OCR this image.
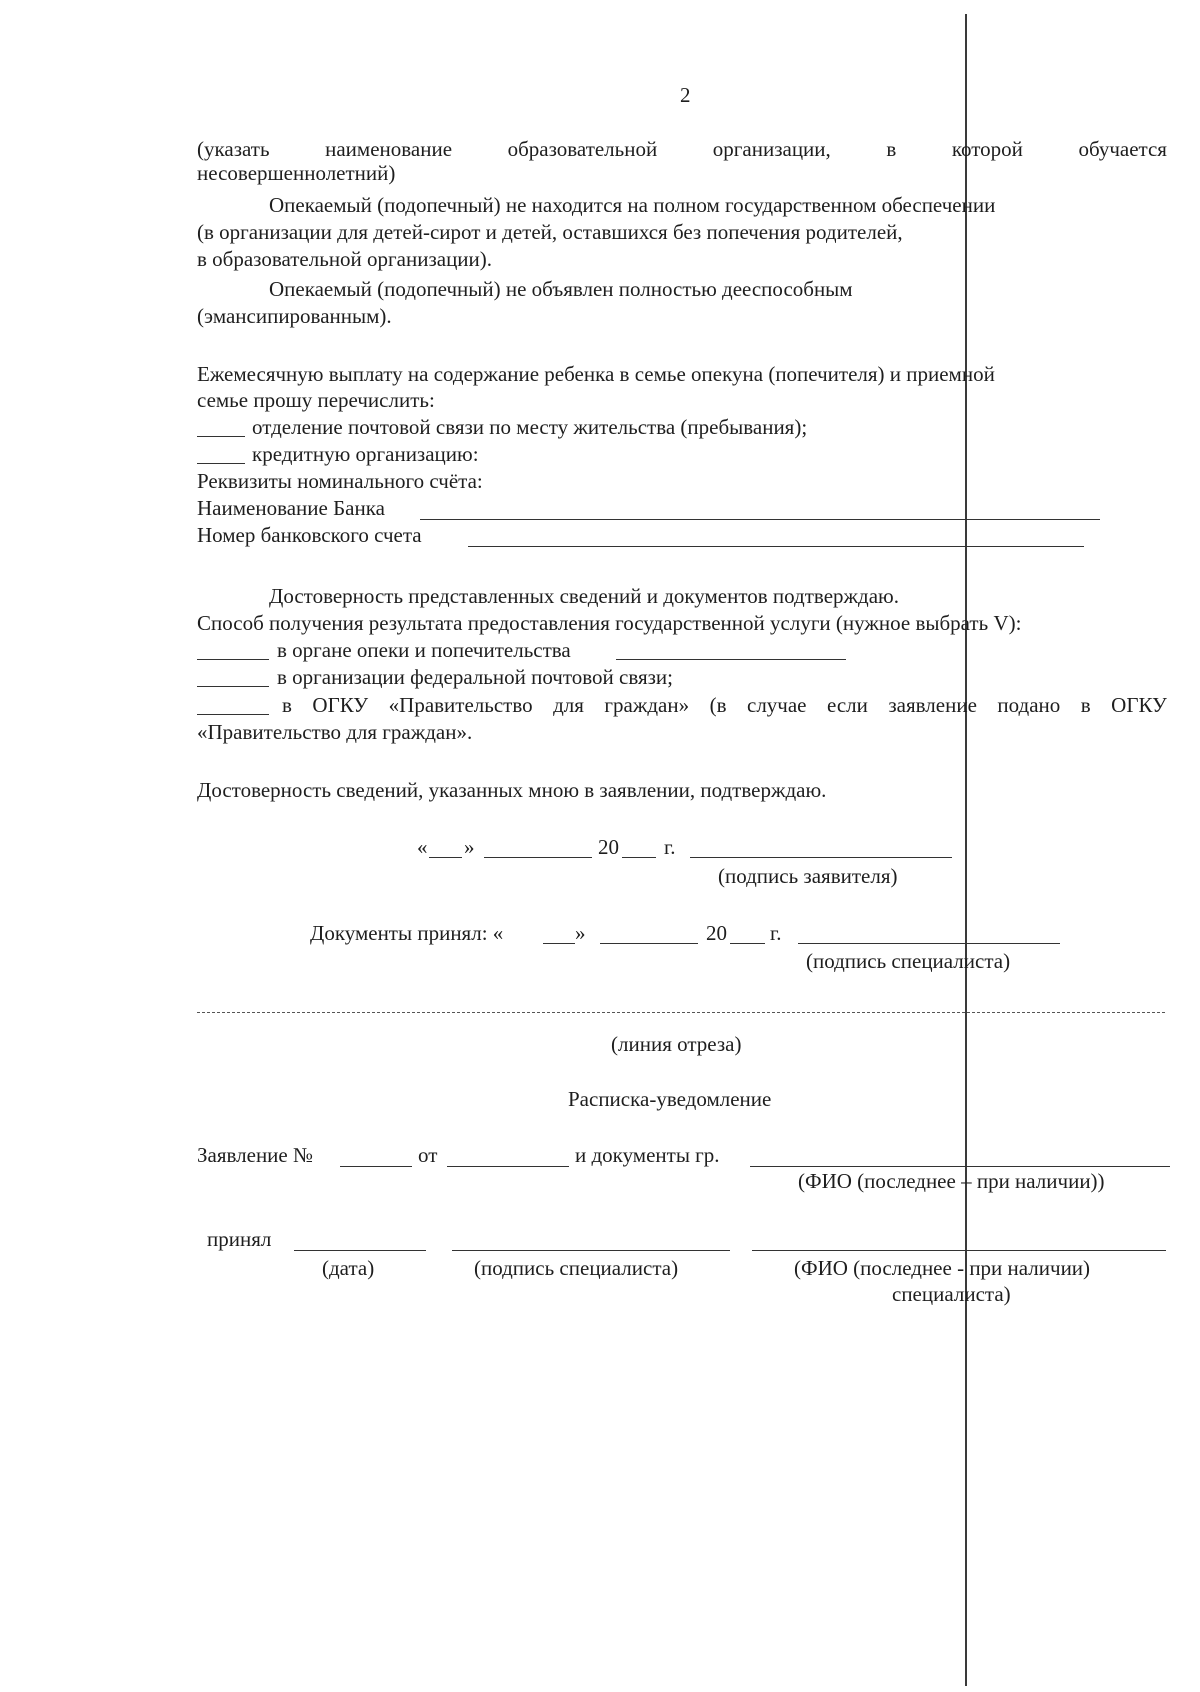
2
(указать	наименование	образовательной	организации,	в	которой	обучается
несовершеннолетний)
Опекаемый (подопечный) не находится на полном государственном обеспечении
(в организации для детей-сирот и детей, оставшихся без попечения родителей,
в образовательной организации).
Опекаемый (подопечный) не объявлен полностью дееспособным
(эмансипированным).
Ежемесячную выплату на содержание ребенка в семье опекуна (попечителя) и приемной
семье прошу перечислить:
отделение почтовой связи по месту жительства (пребывания);
кредитную организацию:
Реквизиты номинального счёта:
Наименование Банка
Номер банковского счета
Достоверность представленных сведений и документов подтверждаю.
Способ получения результата предоставления государственной услуги (нужное выбрать V):
в органе опеки и попечительства
в организации федеральной почтовой связи;
в ОГКУ «Правительство для граждан» (в случае если заявление подано в ОГКУ
«Правительство для граждан».
Достоверность сведений, указанных мною в заявлении, подтверждаю.
« »	20 г.
(подпись заявителя)
Документы принял: «	»	20 г.
(подпись специалиста)
(линия отреза)
Расписка-уведомление
Заявление №	от	и документы гр.
(ФИО (последнее – при наличии))
принял
(дата)	(подпись специалиста)	(ФИО (последнее - при наличии)
специалиста)
